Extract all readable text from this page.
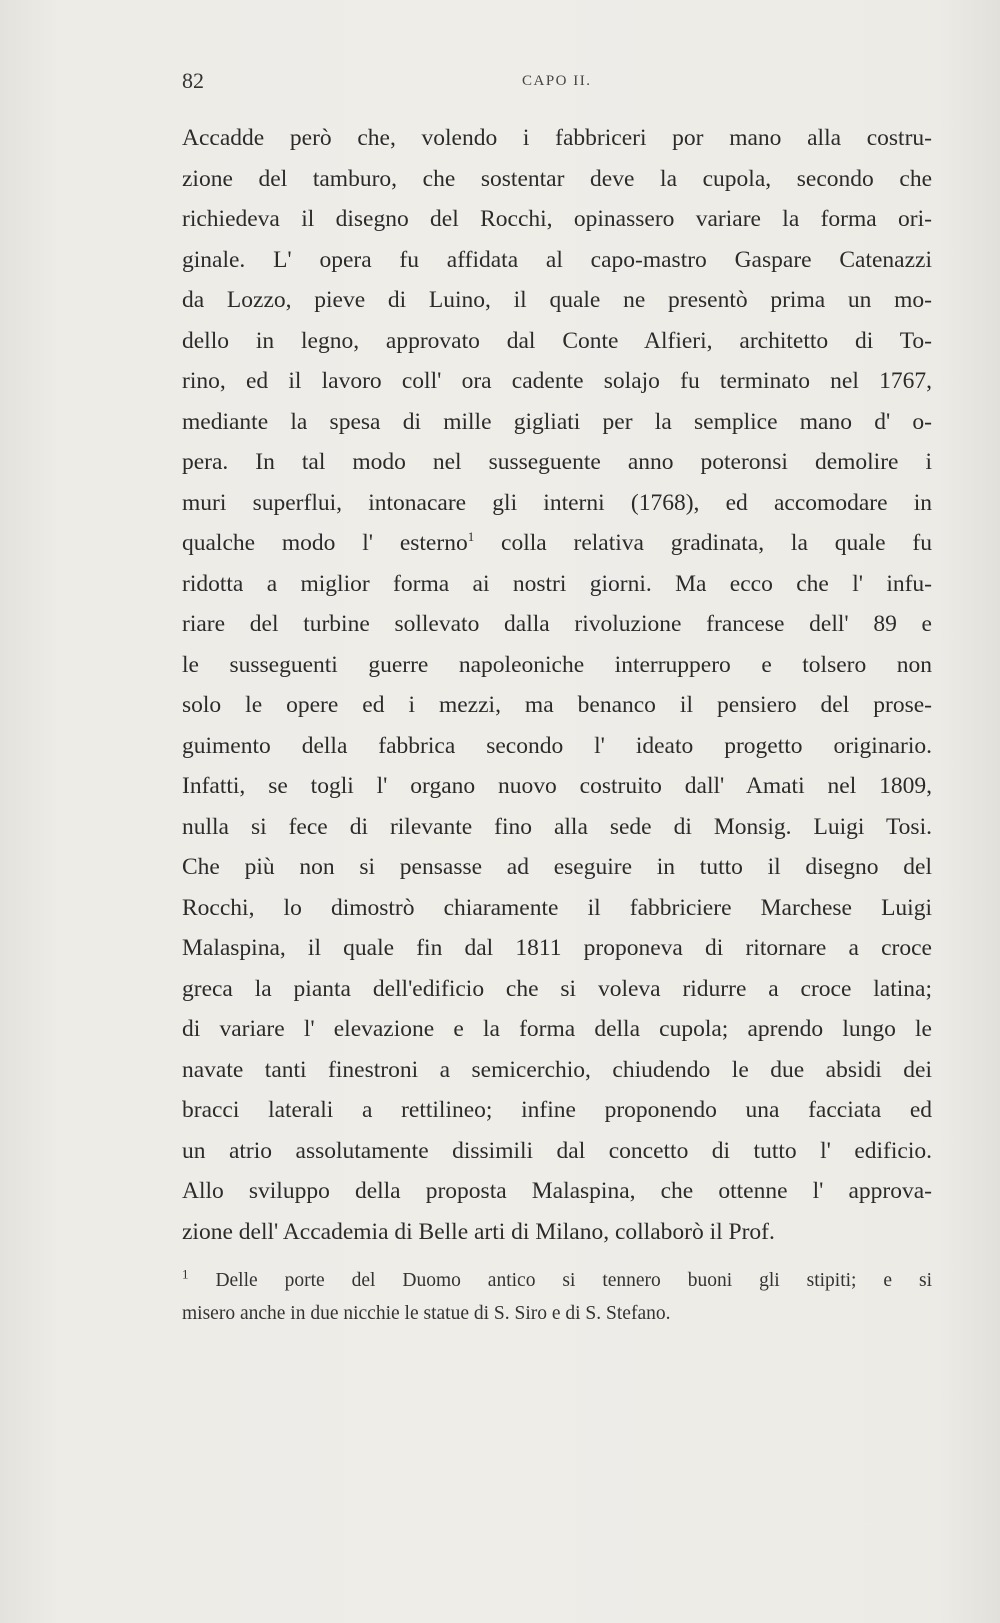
82	CAPO II.
Accadde però che, volendo i fabbriceri por mano alla costru-
zione del tamburo, che sostentar deve la cupola, secondo che
richiedeva il disegno del Rocchi, opinassero variare la forma ori-
ginale. L' opera fu affidata al capo-mastro Gaspare Catenazzi
da Lozzo, pieve di Luino, il quale ne presentò prima un mo-
dello in legno, approvato dal Conte Alfieri, architetto di To-
rino, ed il lavoro coll' ora cadente solajo fu terminato nel 1767,
mediante la spesa di mille gigliati per la semplice mano d' o-
pera. In tal modo nel susseguente anno poteronsi demolire i
muri superflui, intonacare gli interni (1768), ed accomodare in
qualche modo l' esterno$^1$ colla relativa gradinata, la quale fu
ridotta a miglior forma ai nostri giorni. Ma ecco che l' infu-
riare del turbine sollevato dalla rivoluzione francese dell' 89 e
le susseguenti guerre napoleoniche interruppero e tolsero non
solo le opere ed i mezzi, ma benanco il pensiero del prose-
guimento della fabbrica secondo l' ideato progetto originario.
Infatti, se togli l' organo nuovo costruito dall' Amati nel 1809,
nulla si fece di rilevante fino alla sede di Monsig. Luigi Tosi.
Che più non si pensasse ad eseguire in tutto il disegno del
Rocchi, lo dimostrò chiaramente il fabbriciere Marchese Luigi
Malaspina, il quale fin dal 1811 proponeva di ritornare a croce
greca la pianta dell'edificio che si voleva ridurre a croce latina;
di variare l' elevazione e la forma della cupola; aprendo lungo le
navate tanti finestroni a semicerchio, chiudendo le due absidi dei
bracci laterali a rettilineo; infine proponendo una facciata ed
un atrio assolutamente dissimili dal concetto di tutto l' edificio.
Allo sviluppo della proposta Malaspina, che ottenne l' approva-
zione dell' Accademia di Belle arti di Milano, collaborò il Prof.
$^1$ Delle porte del Duomo antico si tennero buoni gli stipiti; e si
misero anche in due nicchie le statue di S. Siro e di S. Stefano.
